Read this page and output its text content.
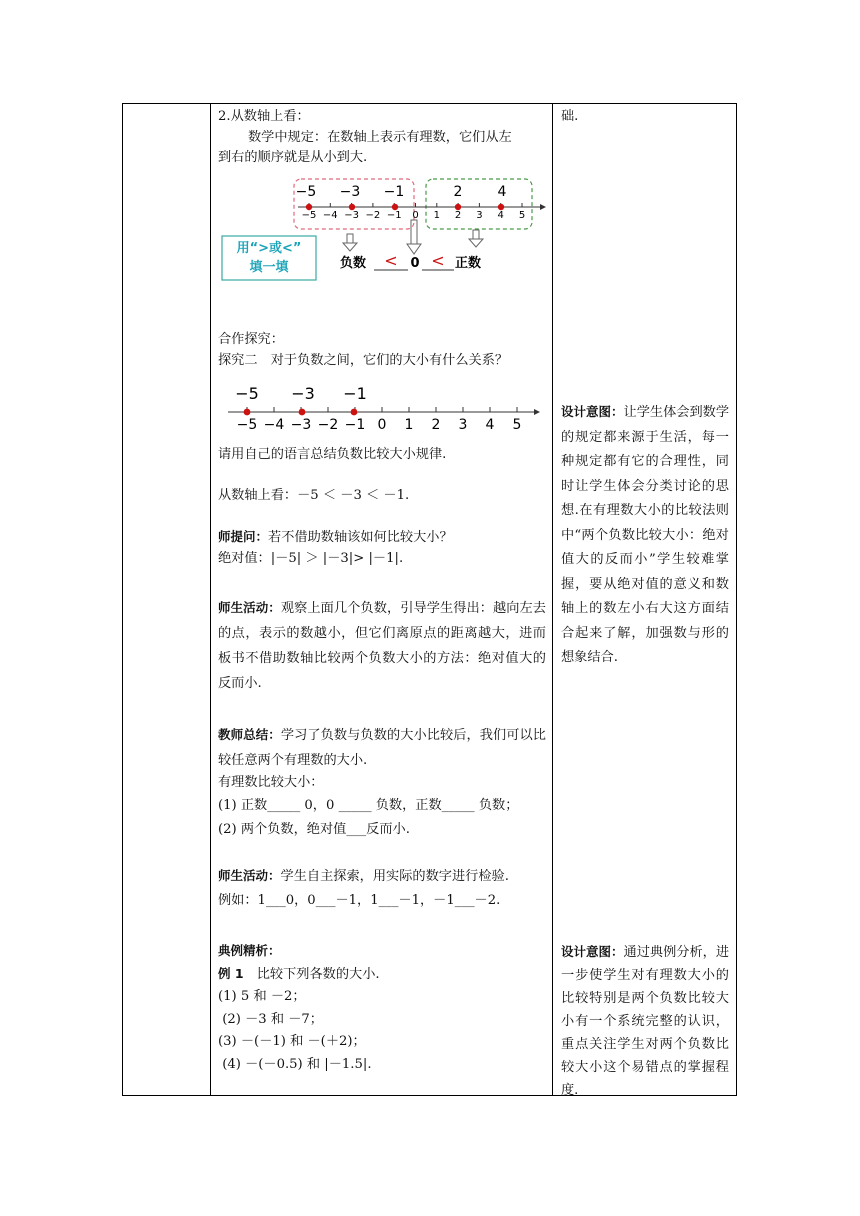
2.从数轴上看：
数学中规定：在数轴上表示有理数，它们从左
到右的顺序就是从小到大.
−5 −3 −1	2	4
−5 −4 −3 −2 −1 0 1 2 3 4 5
用“>或<”
填一填	负数 < 0 < 正数
合作探究：
探究二　对于负数之间，它们的大小有什么关系？
−5 −3 −1
−5 −4 −3 −2 −1 0 1 2 3 4 5
请用自己的语言总结负数比较大小规律.
从数轴上看：－5 ＜ －3 ＜ －1.
师提问：若不借助数轴该如何比较大小？
绝对值：|－5| ＞ |－3|> |－1|.
师生活动：观察上面几个负数，引导学生得出：越向左去的点，表示的数越小，但它们离原点的距离越大，进而板书不借助数轴比较两个负数大小的方法：绝对值大的反而小.
教师总结：学习了负数与负数的大小比较后，我们可以比较任意两个有理数的大小.
有理数比较大小：
(1) 正数_____ 0，0 _____ 负数，正数_____ 负数；
(2) 两个负数，绝对值___反而小.
师生活动：学生自主探索，用实际的数字进行检验.
例如：1___0，0___－1，1___－1，－1___－2.
典例精析：
例 1　比较下列各数的大小.
(1) 5 和 －2；
(2) －3 和 －7；
(3) －(－1) 和 －(＋2)；
(4) －(－0.5) 和 |－1.5|.
础.
设计意图：让学生体会到数学的规定都来源于生活，每一种规定都有它的合理性，同时让学生体会分类讨论的思想.在有理数大小的比较法则中“两个负数比较大小：绝对值大的反而小”学生较难掌握，要从绝对值的意义和数轴上的数左小右大这方面结合起来了解，加强数与形的想象结合.
设计意图：通过典例分析，进一步使学生对有理数大小的比较特别是两个负数比较大小有一个系统完整的认识，重点关注学生对两个负数比较大小这个易错点的掌握程度.
